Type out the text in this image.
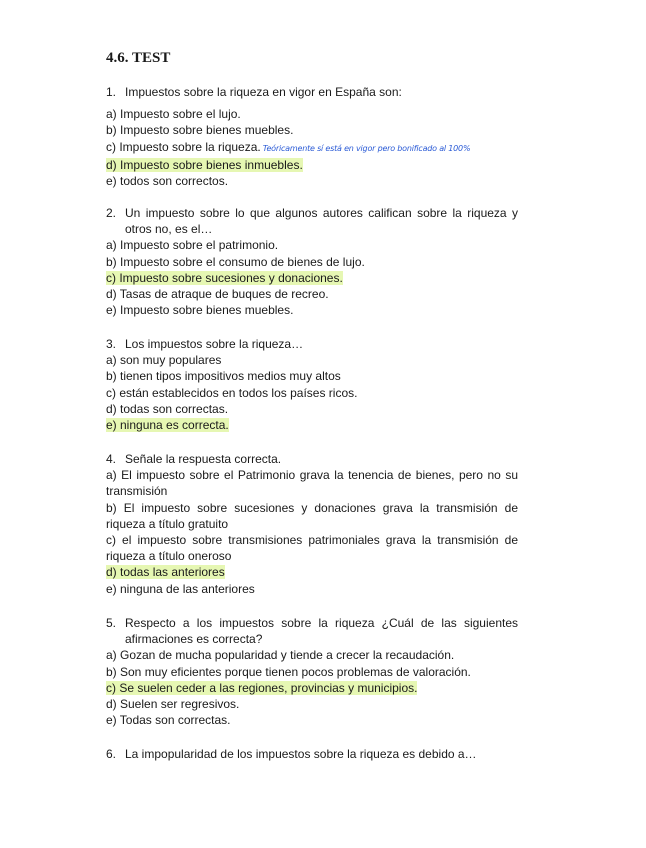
4.6. TEST
1. Impuestos sobre la riqueza en vigor en España son:
a) Impuesto sobre el lujo.
b) Impuesto sobre bienes muebles.
c) Impuesto sobre la riqueza. Teóricamente sí está en vigor pero bonificado al 100%
d) Impuesto sobre bienes inmuebles.
e) todos son correctos.
2. Un impuesto sobre lo que algunos autores califican sobre la riqueza y otros no, es el…
a) Impuesto sobre el patrimonio.
b) Impuesto sobre el consumo de bienes de lujo.
c) Impuesto sobre sucesiones y donaciones.
d) Tasas de atraque de buques de recreo.
e) Impuesto sobre bienes muebles.
3. Los impuestos sobre la riqueza…
a) son muy populares
b) tienen tipos impositivos medios muy altos
c) están establecidos en todos los países ricos.
d) todas son correctas.
e) ninguna es correcta.
4. Señale la respuesta correcta.
a) El impuesto sobre el Patrimonio grava la tenencia de bienes, pero no su transmisión
b) El impuesto sobre sucesiones y donaciones grava la transmisión de riqueza a título gratuito
c) el impuesto sobre transmisiones patrimoniales grava la transmisión de riqueza a título oneroso
d) todas las anteriores
e) ninguna de las anteriores
5. Respecto a los impuestos sobre la riqueza ¿Cuál de las siguientes afirmaciones es correcta?
a) Gozan de mucha popularidad y tiende a crecer la recaudación.
b) Son muy eficientes porque tienen pocos problemas de valoración.
c) Se suelen ceder a las regiones, provincias y municipios.
d) Suelen ser regresivos.
e) Todas son correctas.
6. La impopularidad de los impuestos sobre la riqueza es debido a…
